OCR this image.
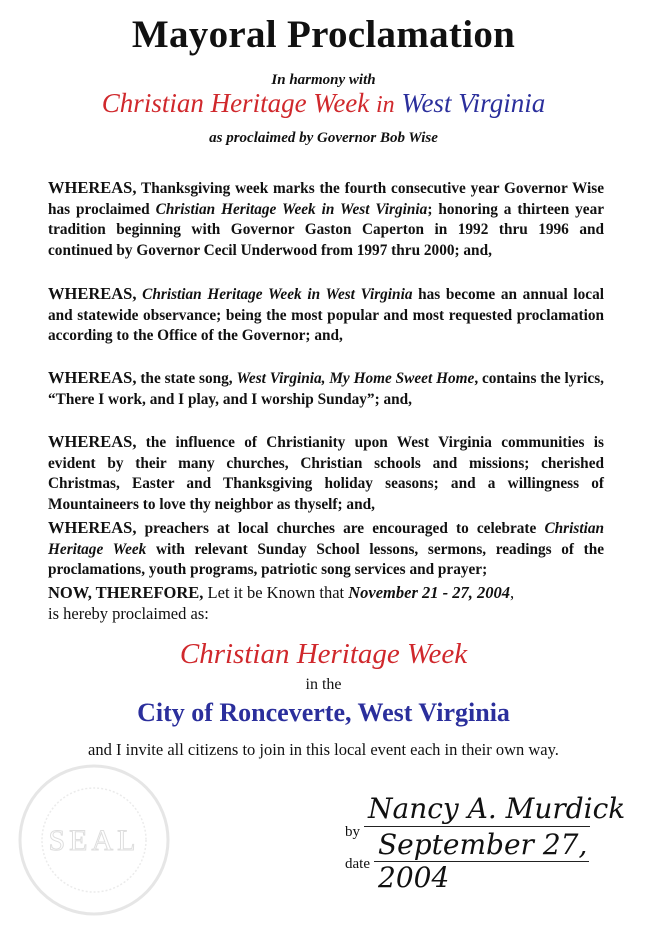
Mayoral Proclamation
In harmony with
Christian Heritage Week in West Virginia
as proclaimed by Governor Bob Wise

WHEREAS, Thanksgiving week marks the fourth consecutive year Governor Wise has proclaimed Christian Heritage Week in West Virginia; honoring a thirteen year tradition beginning with Governor Gaston Caperton in 1992 thru 1996 and continued by Governor Cecil Underwood from 1997 thru 2000; and,

WHEREAS, Christian Heritage Week in West Virginia has become an annual local and statewide observance; being the most popular and most requested proclamation according to the Office of the Governor; and,

WHEREAS, the state song, West Virginia, My Home Sweet Home, contains the lyrics, “There I work, and I play, and I worship Sunday”; and,

WHEREAS, the influence of Christianity upon West Virginia communities is evident by their many churches, Christian schools and missions; cherished Christmas, Easter and Thanksgiving holiday seasons; and a willingness of Mountaineers to love thy neighbor as thyself; and,

WHEREAS, preachers at local churches are encouraged to celebrate Christian Heritage Week with relevant Sunday School lessons, sermons, readings of the proclamations, youth programs, patriotic song services and prayer;

NOW, THEREFORE, Let it be Known that November 21 - 27, 2004,
is hereby proclaimed as:
Christian Heritage Week
in the
City of Ronceverte, West Virginia
and I invite all citizens to join in this local event each in their own way.
SEAL	by
Nancy A. Murdick
date
September 27, 2004
